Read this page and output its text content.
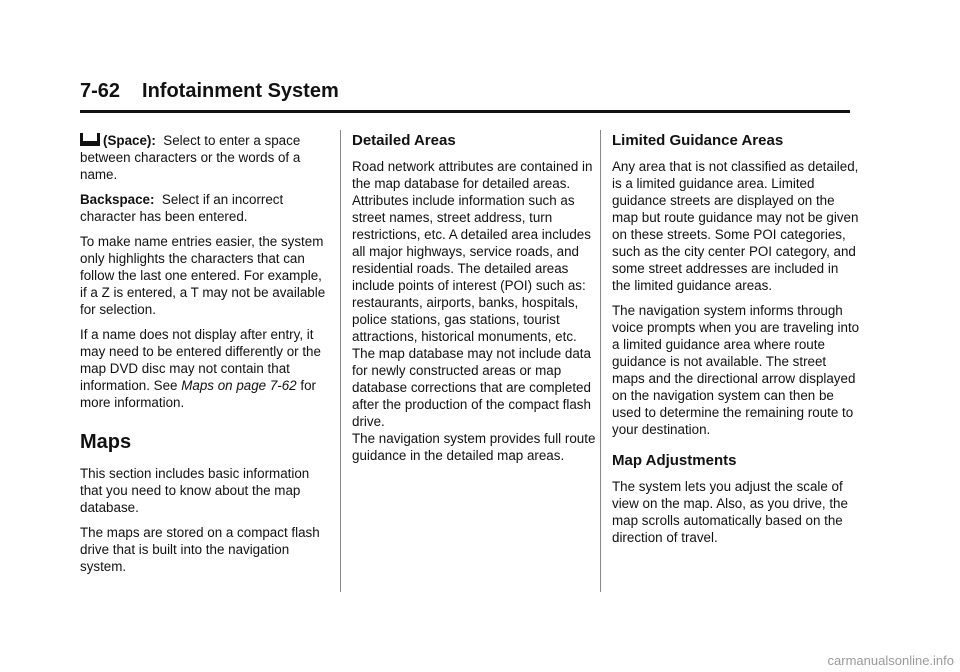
7-62 Infotainment System

(Space): Select to enter a space between characters or the words of a name.

Backspace: Select if an incorrect character has been entered.

To make name entries easier, the system only highlights the characters that can follow the last one entered. For example, if a Z is entered, a T may not be available for selection.

If a name does not display after entry, it may need to be entered differently or the map DVD disc may not contain that information. See Maps on page 7-62 for more information.

Maps

This section includes basic information that you need to know about the map database.

The maps are stored on a compact flash drive that is built into the navigation system.

Detailed Areas

Road network attributes are contained in the map database for detailed areas. Attributes include information such as street names, street address, turn restrictions, etc. A detailed area includes all major highways, service roads, and residential roads. The detailed areas include points of interest (POI) such as: restaurants, airports, banks, hospitals, police stations, gas stations, tourist attractions, historical monuments, etc. The map database may not include data for newly constructed areas or map database corrections that are completed after the production of the compact flash drive.

The navigation system provides full route guidance in the detailed map areas.

Limited Guidance Areas

Any area that is not classified as detailed, is a limited guidance area. Limited guidance streets are displayed on the map but route guidance may not be given on these streets. Some POI categories, such as the city center POI category, and some street addresses are included in the limited guidance areas.

The navigation system informs through voice prompts when you are traveling into a limited guidance area where route guidance is not available. The street maps and the directional arrow displayed on the navigation system can then be used to determine the remaining route to your destination.

Map Adjustments

The system lets you adjust the scale of view on the map. Also, as you drive, the map scrolls automatically based on the direction of travel.

carmanualsonline.info
